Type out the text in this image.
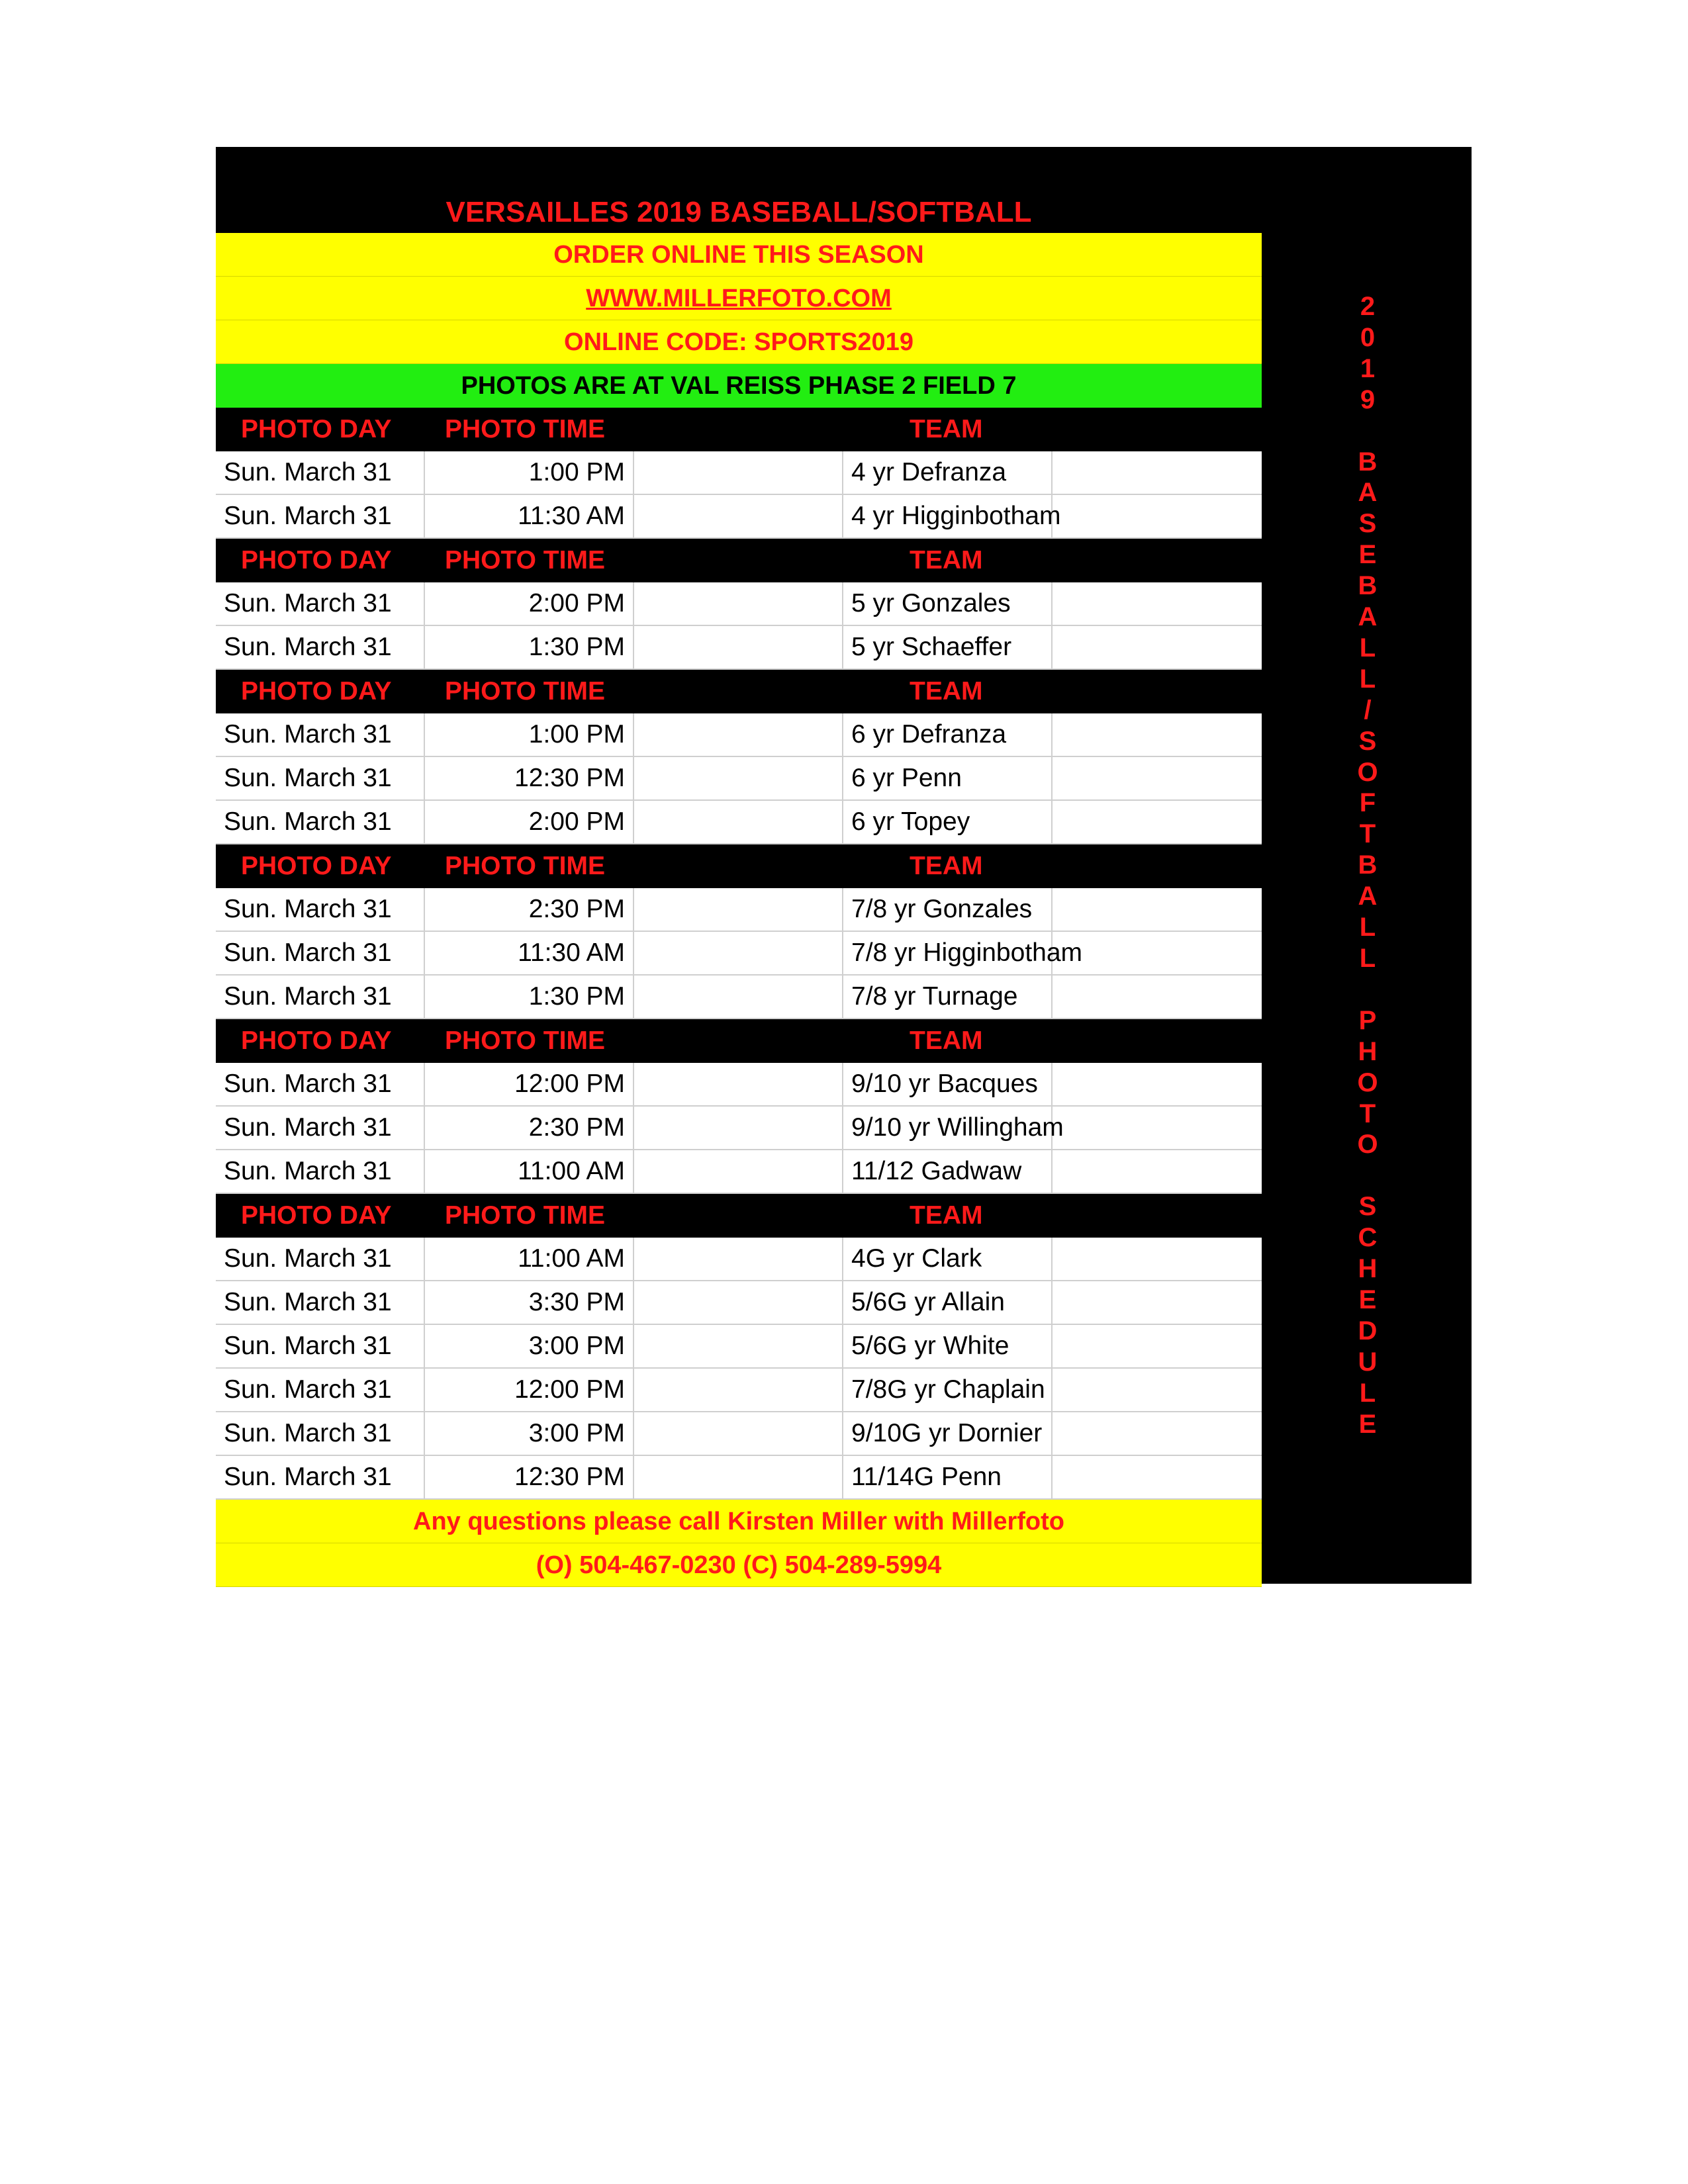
VERSAILLES 2019 BASEBALL/SOFTBALL
ORDER ONLINE THIS SEASON
WWW.MILLERFOTO.COM
ONLINE CODE: SPORTS2019
PHOTOS ARE AT VAL REISS PHASE 2 FIELD 7
PHOTO DAY	PHOTO TIME	TEAM
Sun. March 31	1:00 PM	4 yr Defranza
Sun. March 31	11:30 AM	4 yr Higginbotham
PHOTO DAY	PHOTO TIME	TEAM
Sun. March 31	2:00 PM	5 yr Gonzales
Sun. March 31	1:30 PM	5 yr Schaeffer
PHOTO DAY	PHOTO TIME	TEAM
Sun. March 31	1:00 PM	6 yr Defranza
Sun. March 31	12:30 PM	6 yr Penn
Sun. March 31	2:00 PM	6 yr Topey
PHOTO DAY	PHOTO TIME	TEAM
Sun. March 31	2:30 PM	7/8 yr Gonzales
Sun. March 31	11:30 AM	7/8 yr Higginbotham
Sun. March 31	1:30 PM	7/8 yr Turnage
PHOTO DAY	PHOTO TIME	TEAM
Sun. March 31	12:00 PM	9/10 yr Bacques
Sun. March 31	2:30 PM	9/10 yr Willingham
Sun. March 31	11:00 AM	11/12 Gadwaw
PHOTO DAY	PHOTO TIME	TEAM
Sun. March 31	11:00 AM	4G yr Clark
Sun. March 31	3:30 PM	5/6G yr Allain
Sun. March 31	3:00 PM	5/6G yr White
Sun. March 31	12:00 PM	7/8G yr Chaplain
Sun. March 31	3:00 PM	9/10G yr Dornier
Sun. March 31	12:30 PM	11/14G Penn
Any questions please call Kirsten Miller with Millerfoto
(O) 504-467-0230 (C) 504-289-5994
2
0
1
9
B
A
S
E
B
A
L
L
/
S
O
F
T
B
A
L
L
P
H
O
T
O
S
C
H
E
D
U
L
E
